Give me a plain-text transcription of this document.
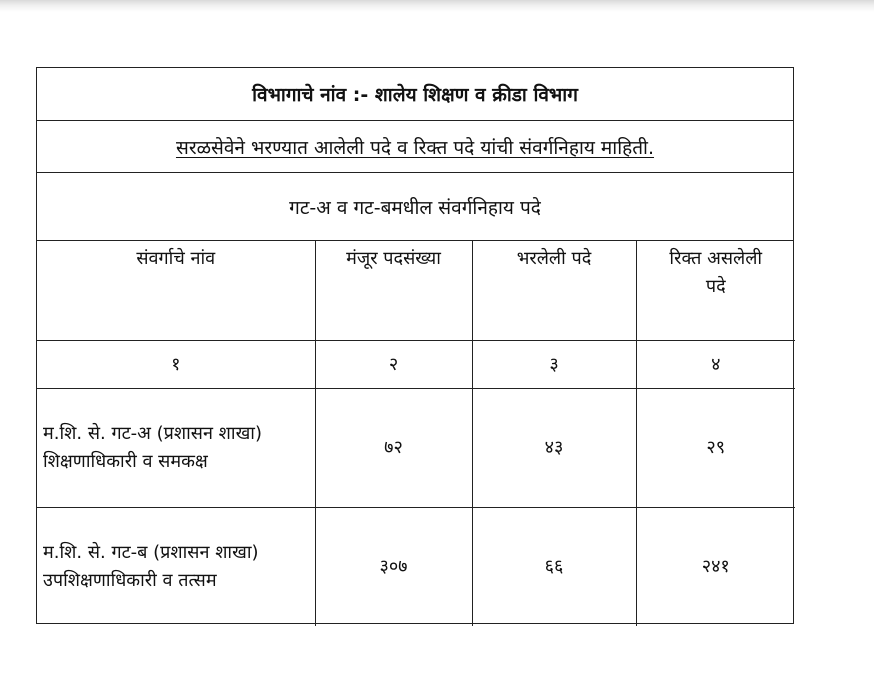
विभागाचे नांव :- शालेय शिक्षण व क्रीडा विभाग
सरळसेवेने भरण्यात आलेली पदे व रिक्त पदे यांची संवर्गनिहाय माहिती.
गट-अ व गट-बमधील संवर्गनिहाय पदे
संवर्गाचे नांव	मंजूर पदसंख्या	भरलेली पदे	रिक्त असलेली
पदे

१	२	३	४

म.शि. से. गट-अ (प्रशासन शाखा)
शिक्षणाधिकारी व समकक्ष	७२	४३	२९

म.शि. से. गट-ब (प्रशासन शाखा)
उपशिक्षणाधिकारी व तत्सम	३०७	६६	२४१
